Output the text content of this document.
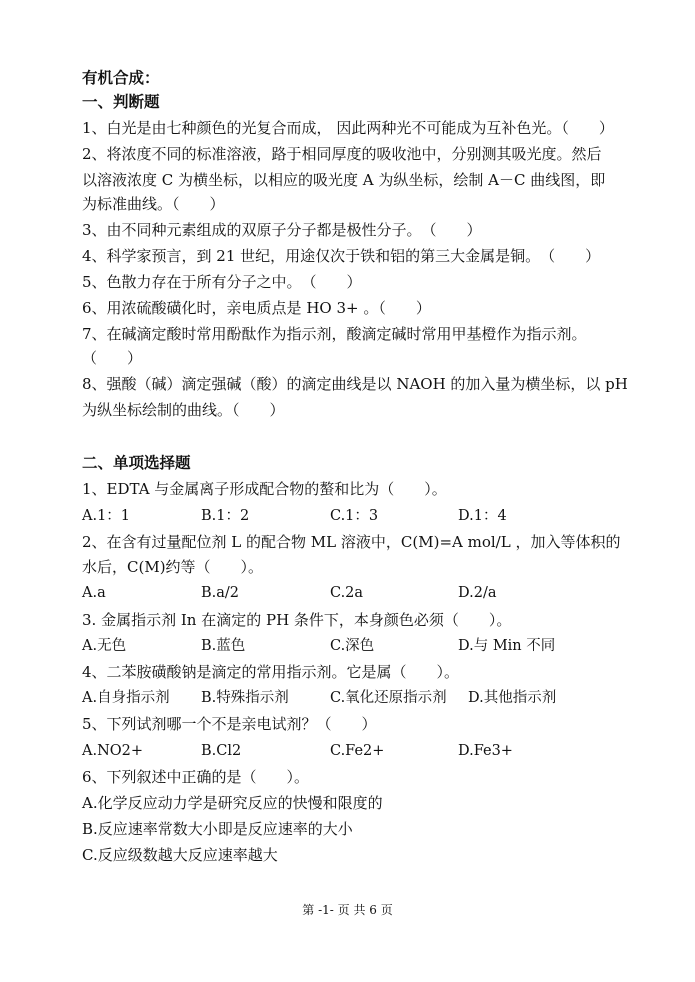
有机合成：
一、判断题
1、白光是由七种颜色的光复合而成， 因此两种光不可能成为互补色光。（　　）
2、将浓度不同的标准溶液，路于相同厚度的吸收池中，分别测其吸光度。然后
以溶液浓度 C 为横坐标，以相应的吸光度 A 为纵坐标，绘制 A－C 曲线图，即
为标准曲线。（　　）
3、由不同种元素组成的双原子分子都是极性分子。　（　　）
4、科学家预言，到 21 世纪，用途仅次于铁和铝的第三大金属是铜。　（　　）
5、色散力存在于所有分子之中。　（　　）
6、用浓硫酸磺化时，亲电质点是 HO 3+ 。（　　）
7、在碱滴定酸时常用酚酞作为指示剂，酸滴定碱时常用甲基橙作为指示剂。
（　　）
8、强酸（碱）滴定强碱（酸）的滴定曲线是以 NAOH 的加入量为横坐标，以 pH
为纵坐标绘制的曲线。（　　）
二、单项选择题
1、EDTA 与金属离子形成配合物的螯和比为（　　）。
A.1：1	B.1：2	C.1：3	D.1：4
2、在含有过量配位剂 L 的配合物 ML 溶液中，C(M)=A mol/L ，加入等体积的
水后，C(M)约等（　　）。
A.a	B.a/2	C.2a	D.2/a
3. 金属指示剂 In 在滴定的 PH 条件下，本身颜色必须（　　）。
A.无色	B.蓝色	C.深色	D.与 Min 不同
4、二苯胺磺酸钠是滴定的常用指示剂。它是属（　　）。
A.自身指示剂 B.特殊指示剂	C.氧化还原指示剂 D.其他指示剂
5、下列试剂哪一个不是亲电试剂？（　　）
A.NO2+	B.Cl2	C.Fe2+	D.Fe3+
6、下列叙述中正确的是（　　）。
A.化学反应动力学是研究反应的快慢和限度的
B.反应速率常数大小即是反应速率的大小
C.反应级数越大反应速率越大
第 -1- 页 共 6 页
